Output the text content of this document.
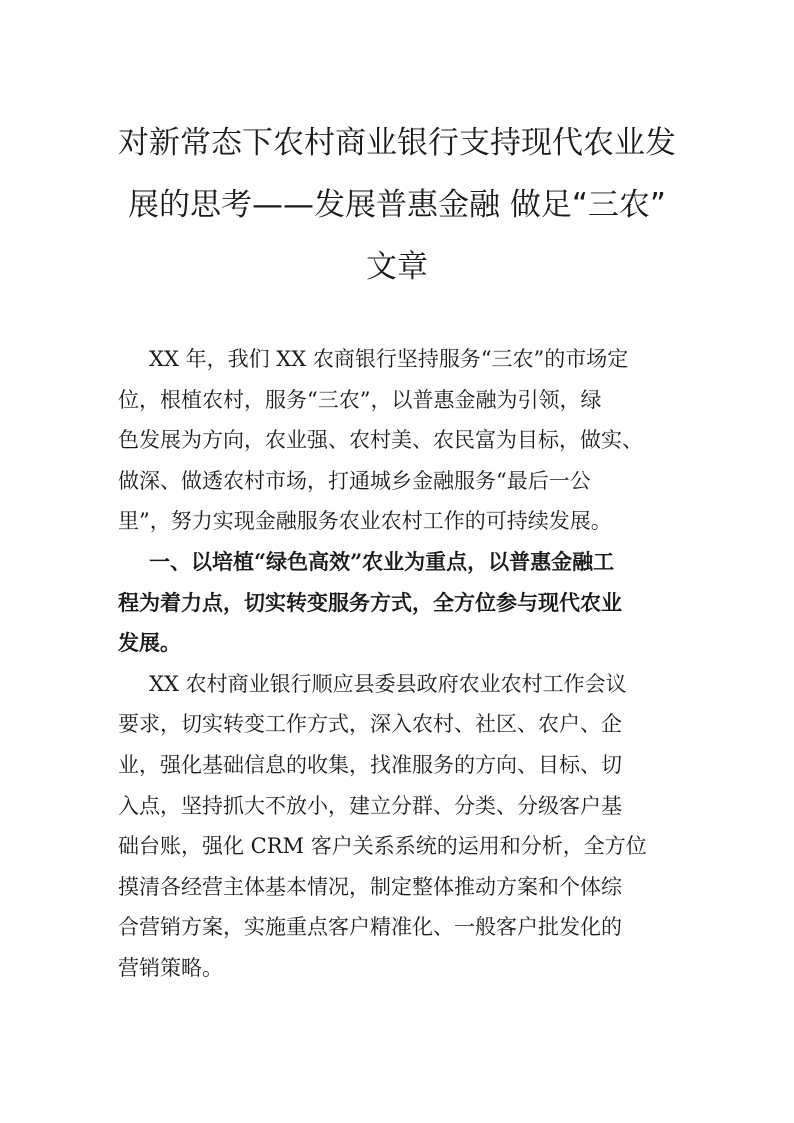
对新常态下农村商业银行支持现代农业发
展的思考——发展普惠金融 做足“三农”
文章
XX 年，我们 XX 农商银行坚持服务“三农”的市场定
位，根植农村，服务“三农”，以普惠金融为引领，绿
色发展为方向，农业强、农村美、农民富为目标，做实、
做深、做透农村市场，打通城乡金融服务“最后一公
里”，努力实现金融服务农业农村工作的可持续发展。
一、以培植“绿色高效”农业为重点，以普惠金融工
程为着力点，切实转变服务方式，全方位参与现代农业
发展。
XX 农村商业银行顺应县委县政府农业农村工作会议
要求，切实转变工作方式，深入农村、社区、农户、企
业，强化基础信息的收集，找准服务的方向、目标、切
入点，坚持抓大不放小，建立分群、分类、分级客户基
础台账，强化 CRM 客户关系系统的运用和分析，全方位
摸清各经营主体基本情况，制定整体推动方案和个体综
合营销方案，实施重点客户精准化、一般客户批发化的
营销策略。
